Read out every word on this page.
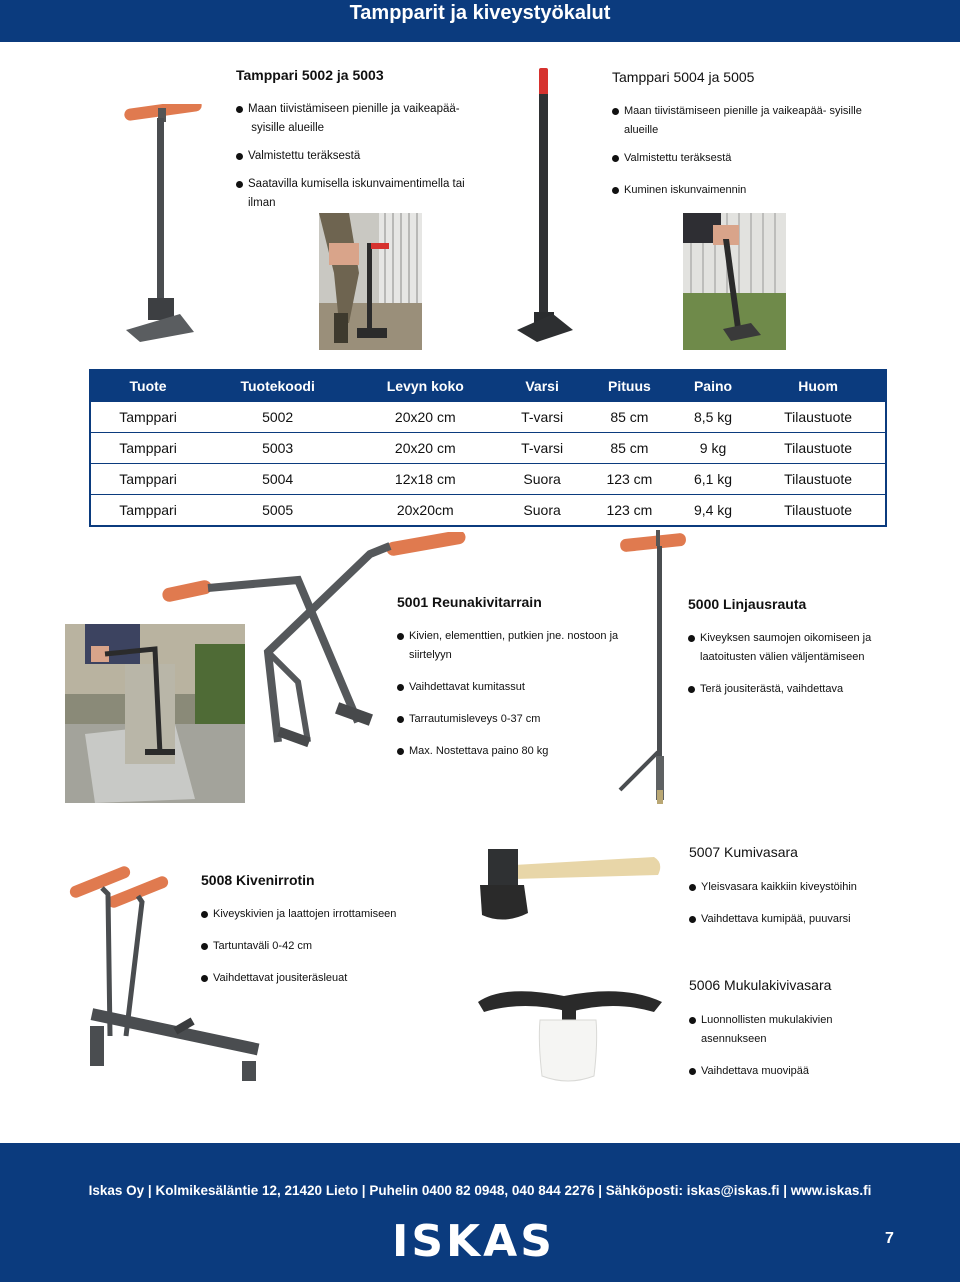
Tampparit ja kiveystyökalut
Tamppari 5002 ja 5003
Maan tiivistämiseen pienille ja vaikeapää- syisille alueille
Valmistettu teräksestä
Saatavilla kumisella iskunvaimentimella tai ilman
Tamppari 5004 ja 5005
Maan tiivistämiseen pienille ja vaikeapää- syisille alueille
Valmistettu teräksestä
Kuminen iskunvaimennin
Tuote	Tuotekoodi	Levyn koko	Varsi	Pituus	Paino	Huom
Tamppari	5002	20x20 cm	T-varsi	85 cm	8,5 kg	Tilaustuote
Tamppari	5003	20x20 cm	T-varsi	85 cm	9 kg	Tilaustuote
Tamppari	5004	12x18 cm	Suora	123 cm	6,1 kg	Tilaustuote
Tamppari	5005	20x20cm	Suora	123 cm	9,4 kg	Tilaustuote
5001 Reunakivitarrain
Kivien, elementtien, putkien jne. nostoon ja siirtelyyn
Vaihdettavat kumitassut
Tarrautumisleveys 0-37 cm
Max. Nostettava paino 80 kg
5000 Linjausrauta
Kiveyksen saumojen oikomiseen ja laatoitusten välien väljentämiseen
Terä jousiterästä, vaihdettava
5008 Kivenirrotin
Kiveyskivien ja laattojen irrottamiseen
Tartuntaväli 0-42 cm
Vaihdettavat jousiteräsleuat
5007 Kumivasara
Yleisvasara kaikkiin kiveystöihin
Vaihdettava kumipää, puuvarsi
5006 Mukulakivivasara
Luonnollisten mukulakivien asennukseen
Vaihdettava muovipää
Iskas Oy | Kolmikesäläntie 12, 21420 Lieto | Puhelin 0400 82 0948, 040 844 2276 | Sähköposti: iskas@iskas.fi | www.iskas.fi
ISKAS	7
